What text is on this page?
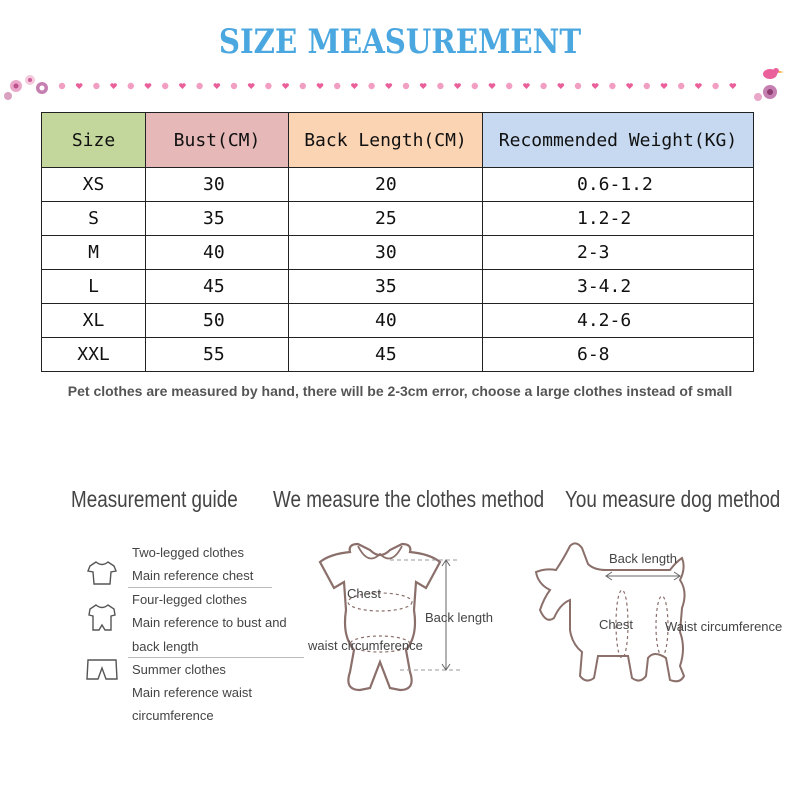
SIZE MEASUREMENT
Size	Bust(CM)	Back Length(CM)	Recommended Weight(KG)
XS	30	20	0.6-1.2
S	35	25	1.2-2
M	40	30	2-3
L	45	35	3-4.2
XL	50	40	4.2-6
XXL	55	45	6-8
Pet clothes are measured by hand, there will be 2-3cm error, choose a large clothes instead of small
Measurement guide We measure the clothes method You measure dog method
Two-legged clothes
Main reference chest
Four-legged clothes
Main reference to bust and
back length
Summer clothes
Main reference waist
circumference
Chest
Back length
waist circumference
Back length
Chest Waist circumference
